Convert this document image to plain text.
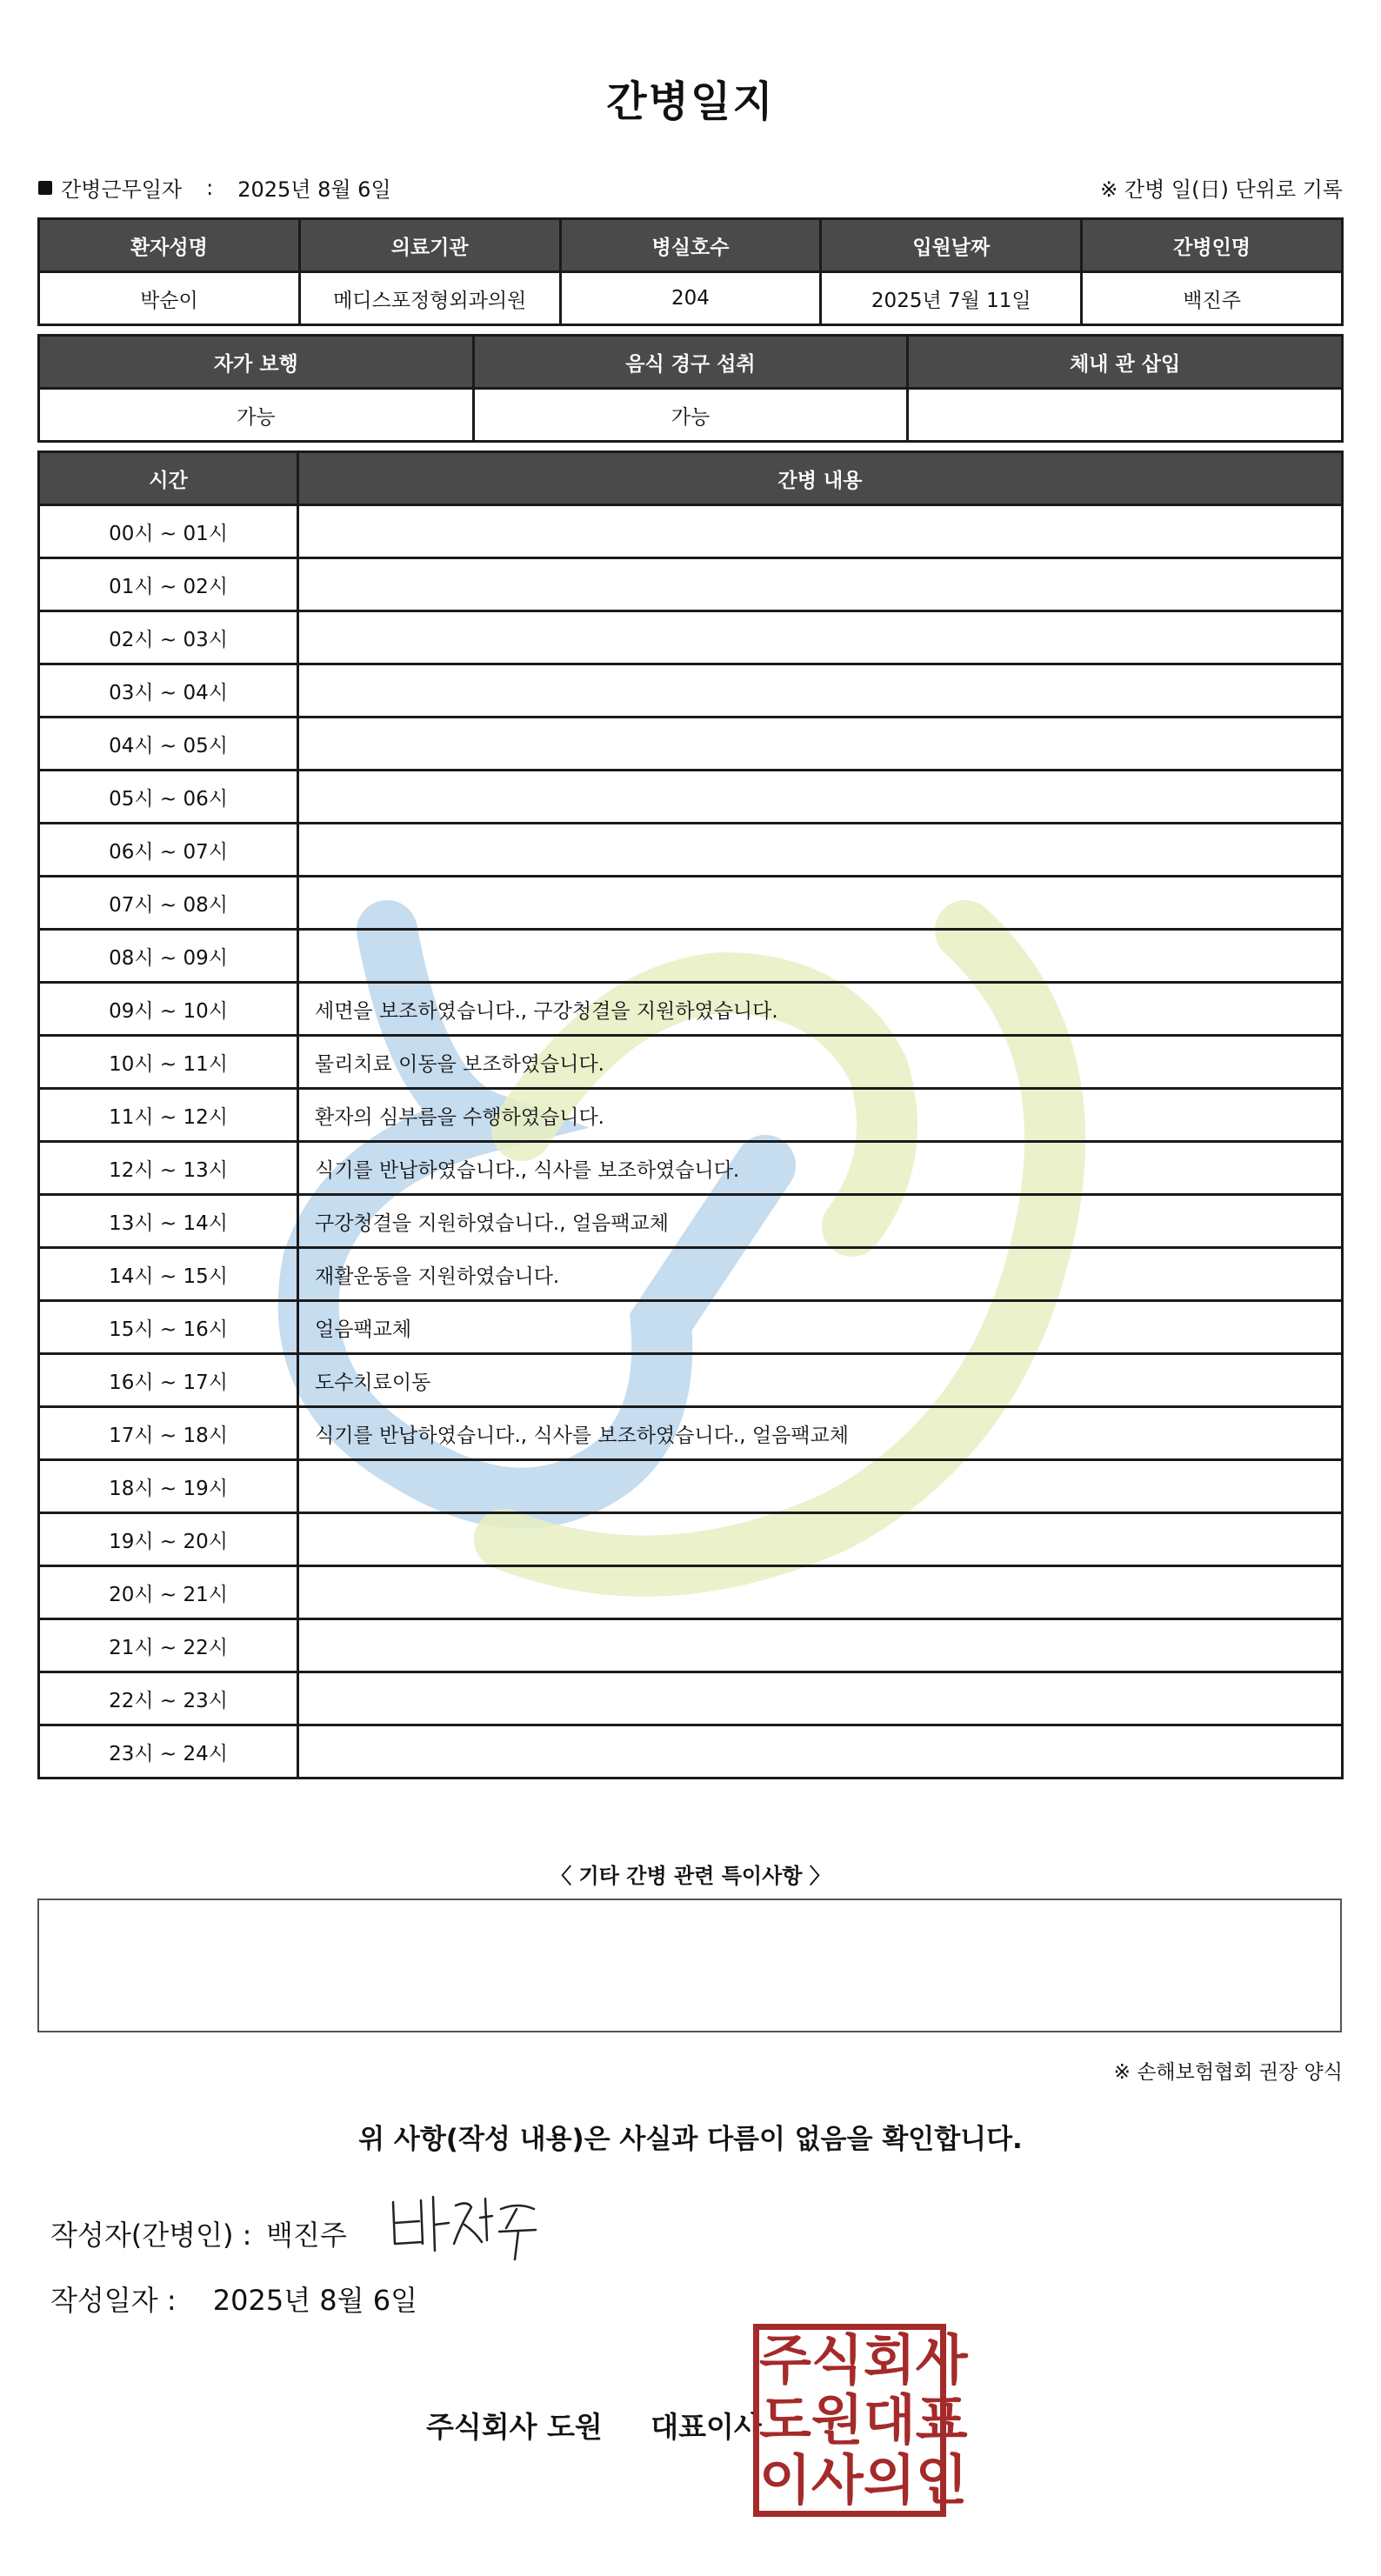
간병일지
간병근무일자 : 2025년 8월 6일	※ 간병 일(日) 단위로 기록
환자성명	의료기관	병실호수	입원날짜	간병인명
박순이	메디스포정형외과의원	204	2025년 7월 11일	백진주
자가 보행	음식 경구 섭취	체내 관 삽입
가능	가능	
시간	간병 내용
00시 ~ 01시	
01시 ~ 02시	
02시 ~ 03시	
03시 ~ 04시	
04시 ~ 05시	
05시 ~ 06시	
06시 ~ 07시	
07시 ~ 08시	
08시 ~ 09시	
09시 ~ 10시	세면을 보조하였습니다., 구강청결을 지원하였습니다.
10시 ~ 11시	물리치료 이동을 보조하였습니다.
11시 ~ 12시	환자의 심부름을 수행하였습니다.
12시 ~ 13시	식기를 반납하였습니다., 식사를 보조하였습니다.
13시 ~ 14시	구강청결을 지원하였습니다., 얼음팩교체
14시 ~ 15시	재활운동을 지원하였습니다.
15시 ~ 16시	얼음팩교체
16시 ~ 17시	도수치료이동
17시 ~ 18시	식기를 반납하였습니다., 식사를 보조하였습니다., 얼음팩교체
18시 ~ 19시	
19시 ~ 20시	
20시 ~ 21시	
21시 ~ 22시	
22시 ~ 23시	
23시 ~ 24시	
〈 기타 간병 관련 특이사항 〉
※ 손해보험협회 권장 양식
위 사항(작성 내용)은 사실과 다름이 없음을 확인합니다.
작성자(간병인) : 백진주
작성일자 : 2025년 8월 6일
주식회사 도원 대표이사
주 식 회 사
도 원 대 표
이 사 의 인
